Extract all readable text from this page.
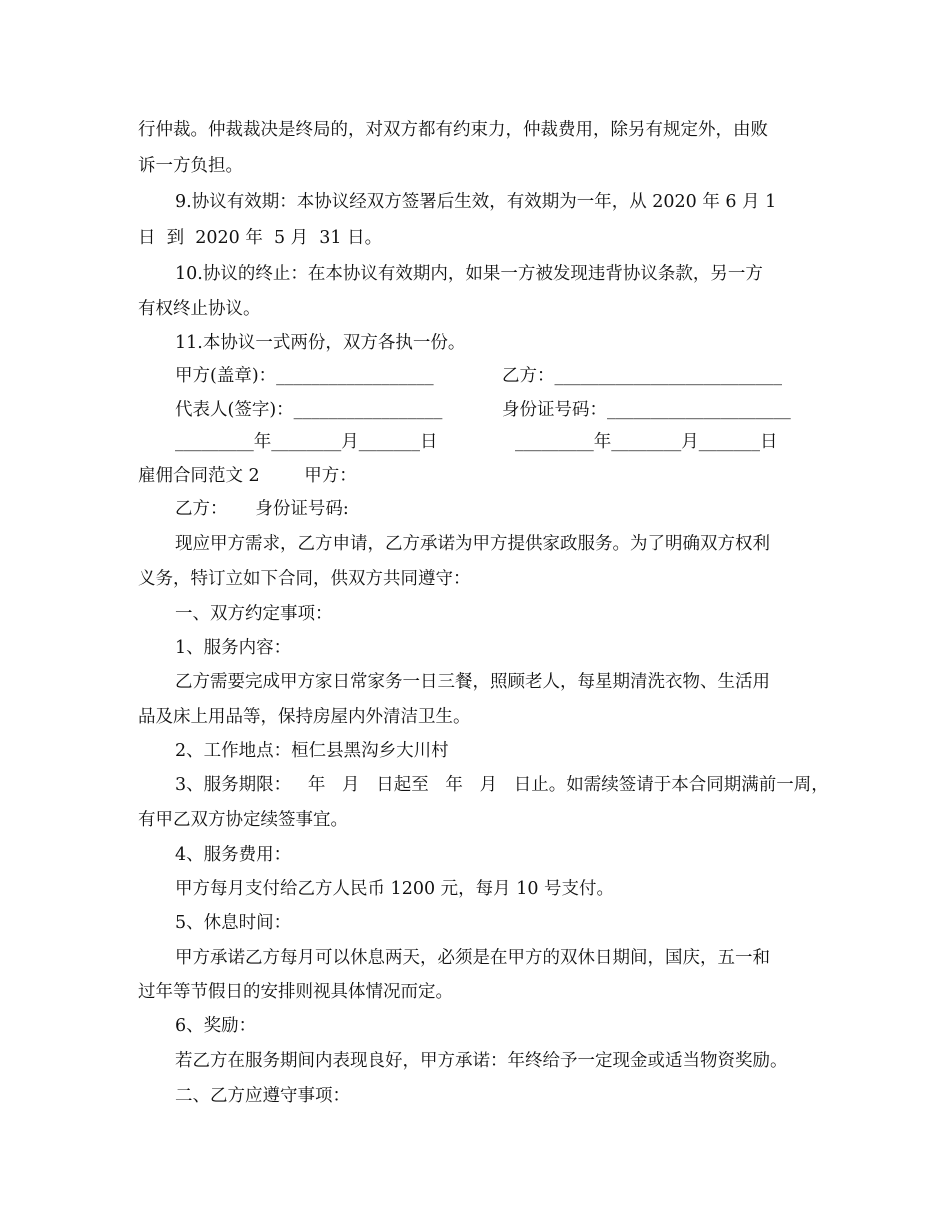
行仲裁。仲裁裁决是终局的，对双方都有约束力，仲裁费用，除另有规定外，由败
诉一方负担。
9.协议有效期：本协议经双方签署后生效，有效期为一年，从 2020 年 6 月 1
日  到  2020 年  5 月  31 日。
10.协议的终止：在本协议有效期内，如果一方被发现违背协议条款，另一方
有权终止协议。
11.本协议一式两份，双方各执一份。
甲方(盖章)：__________________	乙方：__________________________
代表人(签字)：_________________	身份证号码：_____________________
_________年________月_______日	_________年________月_______日
雇佣合同范文 2        甲方：
乙方：     身份证号码:
现应甲方需求，乙方申请，乙方承诺为甲方提供家政服务。为了明确双方权利
义务，特订立如下合同，供双方共同遵守：
一、双方约定事项：
1、服务内容：
乙方需要完成甲方家日常家务一日三餐，照顾老人，每星期清洗衣物、生活用
品及床上用品等，保持房屋内外清洁卫生。
2、工作地点：桓仁县黑沟乡大川村
3、服务期限：   年   月   日起至   年   月   日止。如需续签请于本合同期满前一周，
有甲乙双方协定续签事宜。
4、服务费用：
甲方每月支付给乙方人民币 1200 元，每月 10 号支付。
5、休息时间：
甲方承诺乙方每月可以休息两天，必须是在甲方的双休日期间，国庆，五一和
过年等节假日的安排则视具体情况而定。
6、奖励：
若乙方在服务期间内表现良好，甲方承诺：年终给予一定现金或适当物资奖励。
二、乙方应遵守事项：
